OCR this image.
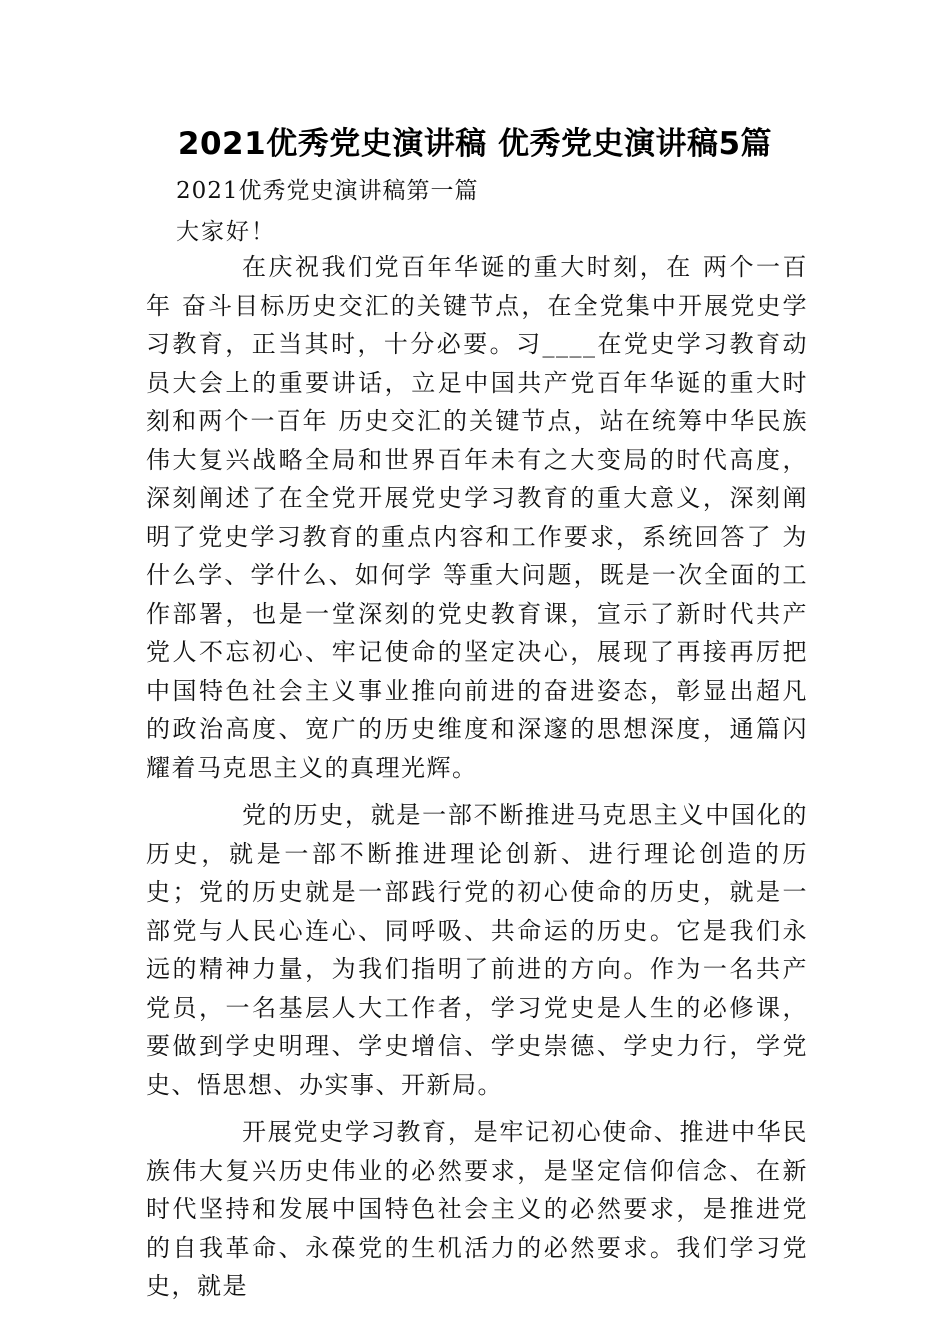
2021优秀党史演讲稿 优秀党史演讲稿5篇
2021优秀党史演讲稿第一篇
大家好！

在庆祝我们党百年华诞的重大时刻，在 两个一百年 奋斗目标历史交汇的关键节点，在全党集中开展党史学习教育，正当其时，十分必要。习____在党史学习教育动员大会上的重要讲话，立足中国共产党百年华诞的重大时刻和两个一百年 历史交汇的关键节点，站在统筹中华民族伟大复兴战略全局和世界百年未有之大变局的时代高度，深刻阐述了在全党开展党史学习教育的重大意义，深刻阐明了党史学习教育的重点内容和工作要求，系统回答了 为什么学、学什么、如何学 等重大问题，既是一次全面的工作部署，也是一堂深刻的党史教育课，宣示了新时代共产党人不忘初心、牢记使命的坚定决心，展现了再接再厉把中国特色社会主义事业推向前进的奋进姿态，彰显出超凡的政治高度、宽广的历史维度和深邃的思想深度，通篇闪耀着马克思主义的真理光辉。

党的历史，就是一部不断推进马克思主义中国化的历史，就是一部不断推进理论创新、进行理论创造的历史；党的历史就是一部践行党的初心使命的历史，就是一部党与人民心连心、同呼吸、共命运的历史。它是我们永远的精神力量，为我们指明了前进的方向。作为一名共产党员，一名基层人大工作者，学习党史是人生的必修课，要做到学史明理、学史增信、学史崇德、学史力行，学党史、悟思想、办实事、开新局。

开展党史学习教育，是牢记初心使命、推进中华民族伟大复兴历史伟业的必然要求，是坚定信仰信念、在新时代坚持和发展中国特色社会主义的必然要求，是推进党的自我革命、永葆党的生机活力的必然要求。我们学习党史，就是
